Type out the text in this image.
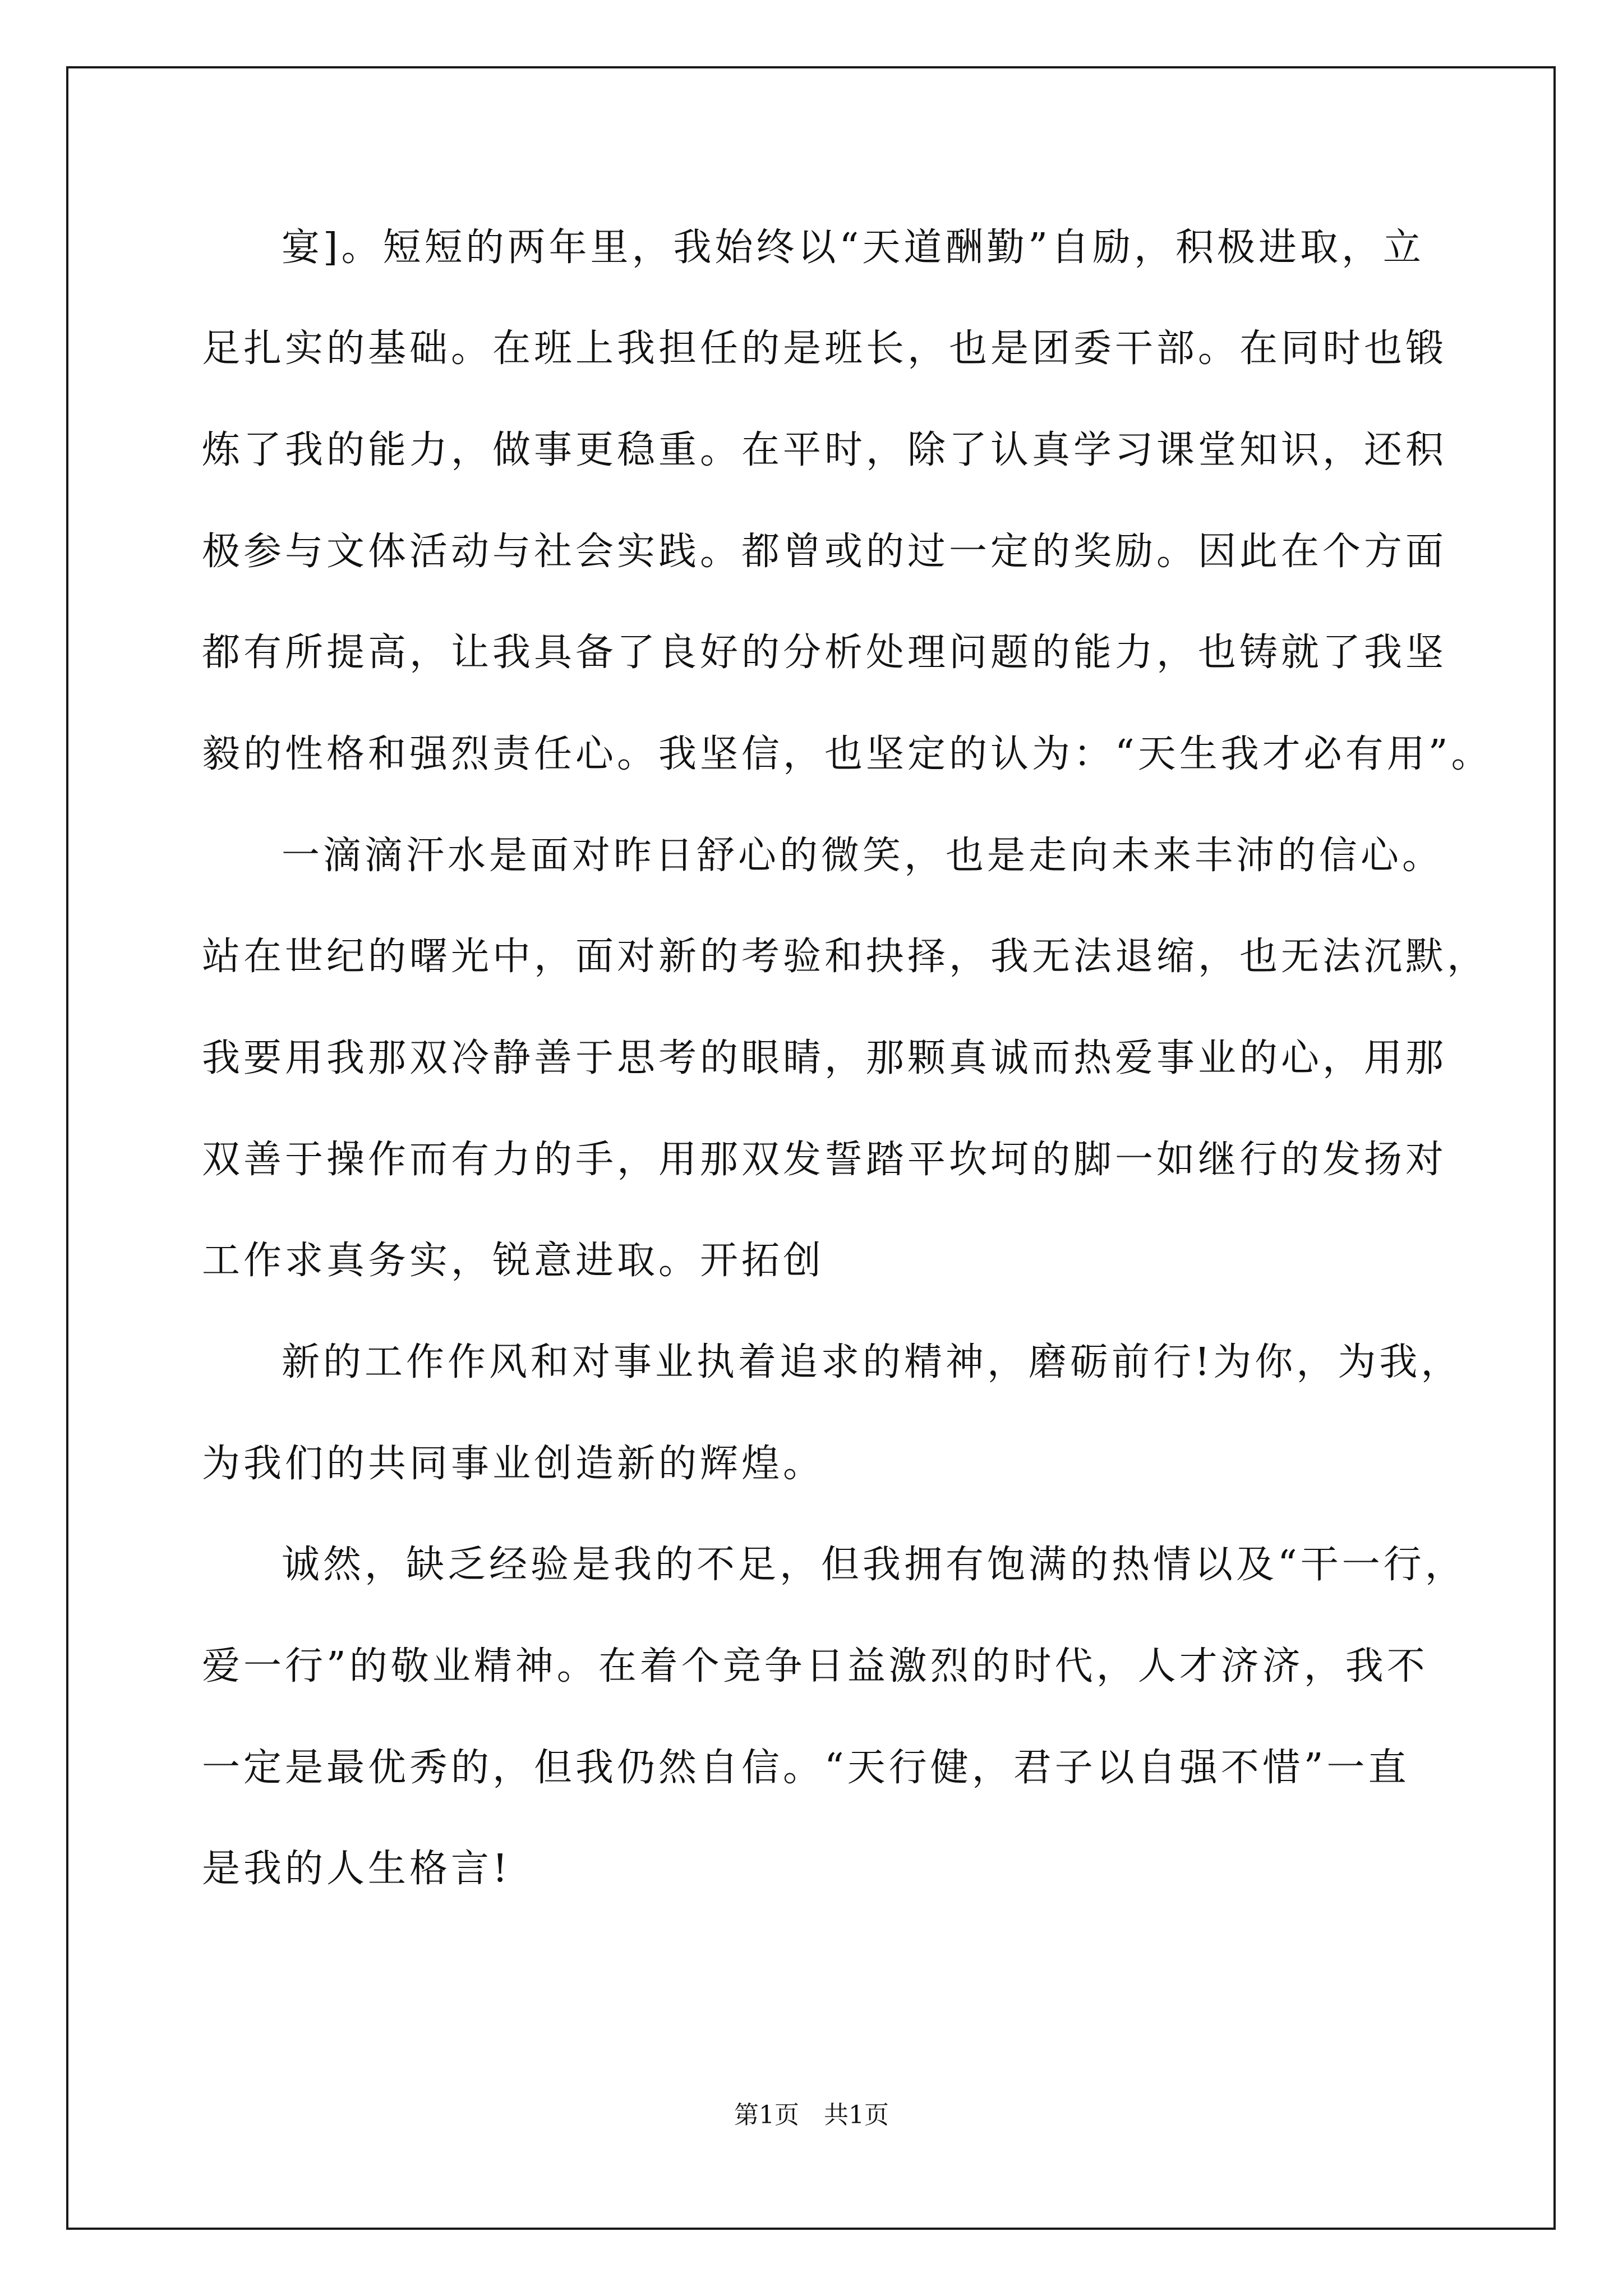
宴]。短短的两年里，我始终以“天道酬勤”自励，积极进取，立
足扎实的基础。在班上我担任的是班长，也是团委干部。在同时也锻
炼了我的能力，做事更稳重。在平时，除了认真学习课堂知识，还积
极参与文体活动与社会实践。都曾或的过一定的奖励。因此在个方面
都有所提高，让我具备了良好的分析处理问题的能力，也铸就了我坚
毅的性格和强烈责任心。我坚信，也坚定的认为：“天生我才必有用”。
一滴滴汗水是面对昨日舒心的微笑，也是走向未来丰沛的信心。
站在世纪的曙光中，面对新的考验和抉择，我无法退缩，也无法沉默，
我要用我那双冷静善于思考的眼睛，那颗真诚而热爱事业的心，用那
双善于操作而有力的手，用那双发誓踏平坎坷的脚一如继行的发扬对
工作求真务实，锐意进取。开拓创
新的工作作风和对事业执着追求的精神，磨砺前行!为你，为我，
为我们的共同事业创造新的辉煌。
诚然，缺乏经验是我的不足，但我拥有饱满的热情以及“干一行，
爱一行”的敬业精神。在着个竞争日益激烈的时代，人才济济，我不
一定是最优秀的，但我仍然自信。“天行健，君子以自强不惜”一直
是我的人生格言!
第1页　共1页
